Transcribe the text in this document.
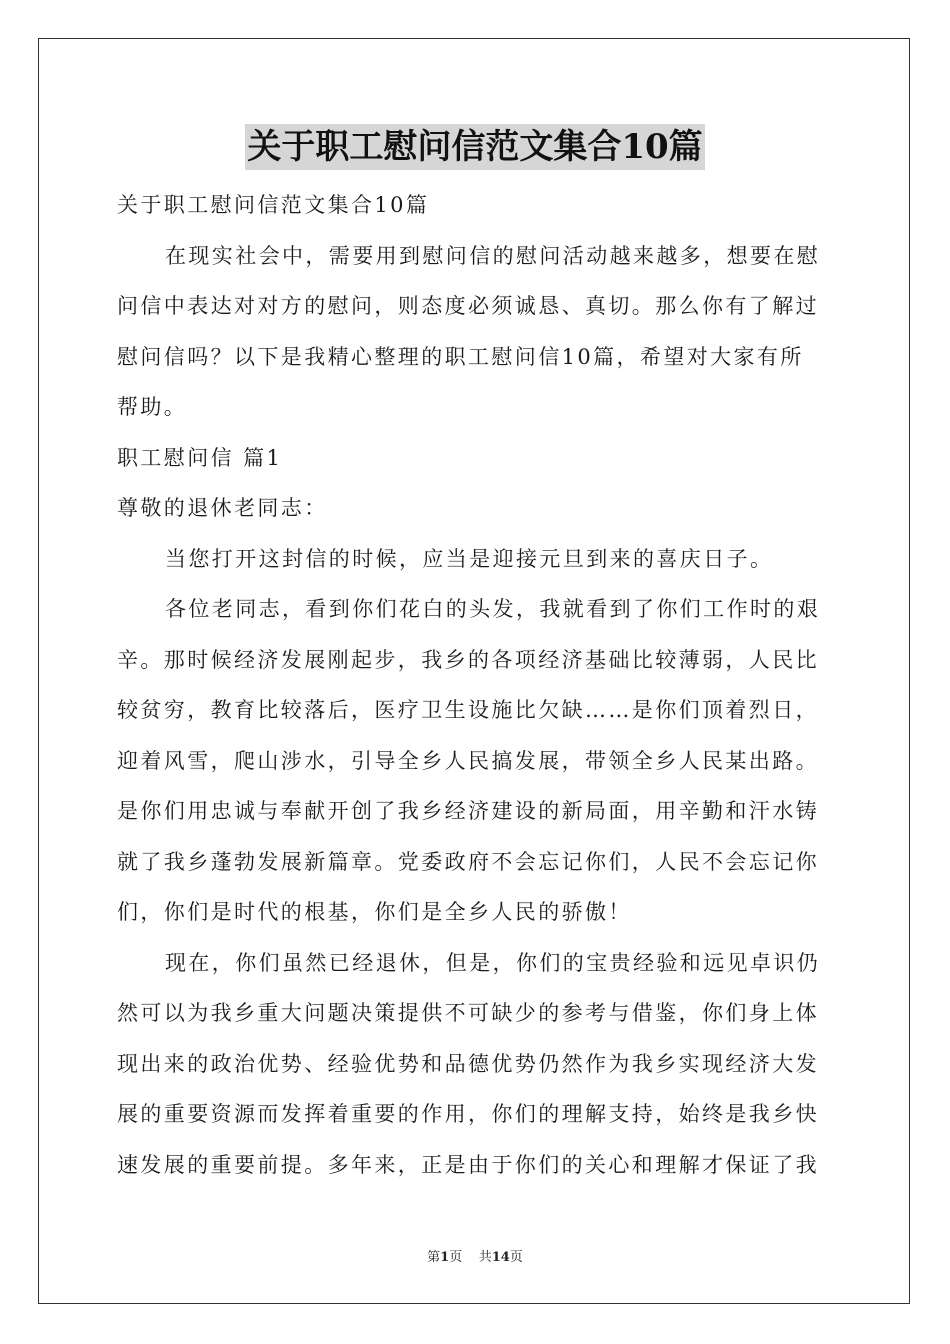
关于职工慰问信范文集合10篇

关于职工慰问信范文集合10篇

在现实社会中，需要用到慰问信的慰问活动越来越多，想要在慰

问信中表达对对方的慰问，则态度必须诚恳、真切。那么你有了解过

慰问信吗？以下是我精心整理的职工慰问信10篇，希望对大家有所

帮助。

职工慰问信 篇1

尊敬的退休老同志：

当您打开这封信的时候，应当是迎接元旦到来的喜庆日子。

各位老同志，看到你们花白的头发，我就看到了你们工作时的艰

辛。那时候经济发展刚起步，我乡的各项经济基础比较薄弱，人民比

较贫穷，教育比较落后，医疗卫生设施比欠缺……是你们顶着烈日，

迎着风雪，爬山涉水，引导全乡人民搞发展，带领全乡人民某出路。

是你们用忠诚与奉献开创了我乡经济建设的新局面，用辛勤和汗水铸

就了我乡蓬勃发展新篇章。党委政府不会忘记你们，人民不会忘记你

们，你们是时代的根基，你们是全乡人民的骄傲！

现在，你们虽然已经退休，但是，你们的宝贵经验和远见卓识仍

然可以为我乡重大问题决策提供不可缺少的参考与借鉴，你们身上体

现出来的政治优势、经验优势和品德优势仍然作为我乡实现经济大发

展的重要资源而发挥着重要的作用，你们的理解支持，始终是我乡快

速发展的重要前提。多年来，正是由于你们的关心和理解才保证了我

第1页 共14页
